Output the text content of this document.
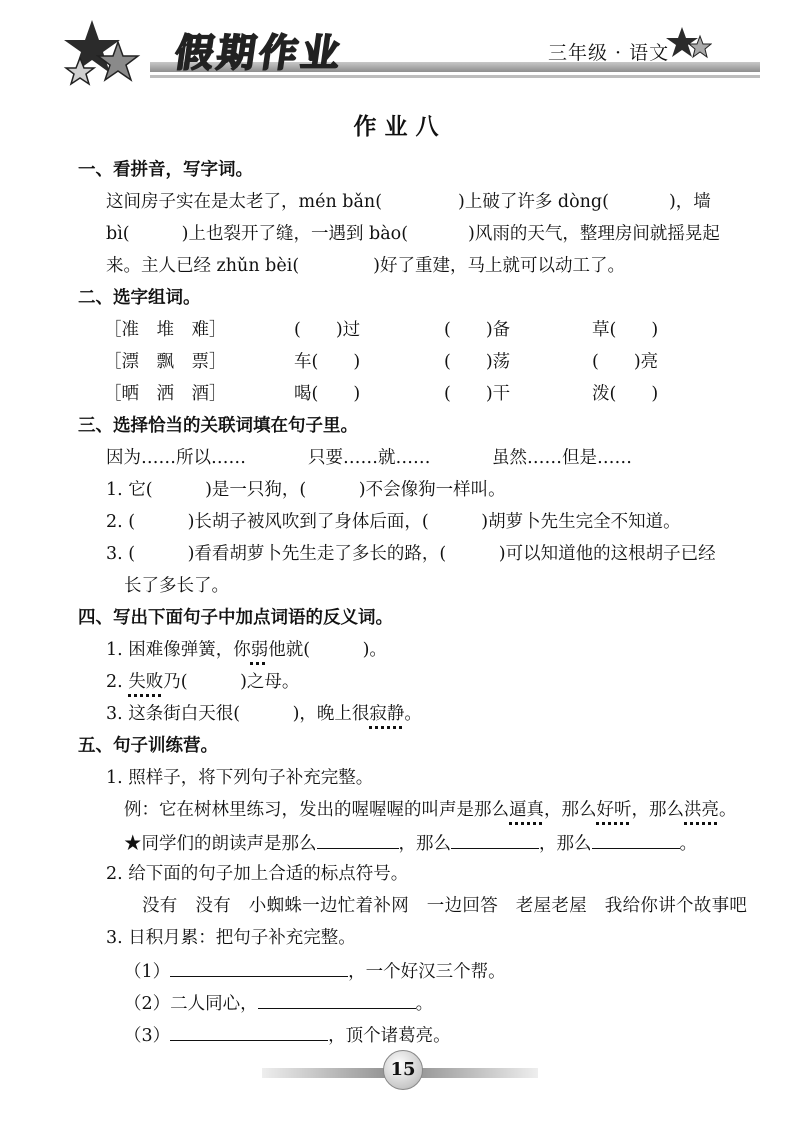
假期作业	三年级 · 语文
作业八
一、看拼音，写字词。
这间房子实在是太老了，mén bǎn(	)上破了许多 dòng(	)，墙
bì(	)上也裂开了缝，一遇到 bào(	)风雨的天气，整理房间就摇晃起
来。主人已经 zhǔn bèi(	)好了重建，马上就可以动工了。
二、选字组词。
［准　堆　难］	(　　)过	(　　)备	草(　　)
［漂　飘　票］	车(　　)	(　　)荡	(　　)亮
［晒　洒　酒］	喝(　　)	(　　)干	泼(　　)
三、选择恰当的关联词填在句子里。
因为……所以……	只要……就……	虽然……但是……
1. 它(　　　)是一只狗，(　　　)不会像狗一样叫。
2. (　　　)长胡子被风吹到了身体后面，(　　　)胡萝卜先生完全不知道。
3. (　　　)看看胡萝卜先生走了多长的路，(　　　)可以知道他的这根胡子已经
长了多长了。
四、写出下面句子中加点词语的反义词。
1. 困难像弹簧，你弱他就(　　　)。
2. 失败乃(　　　)之母。
3. 这条街白天很(　　　)，晚上很寂静。
五、句子训练营。
1. 照样子，将下列句子补充完整。
例：它在树林里练习，发出的喔喔喔的叫声是那么逼真，那么好听，那么洪亮。
★同学们的朗读声是那么	，那么	，那么	。
2. 给下面的句子加上合适的标点符号。
没有　没有　小蜘蛛一边忙着补网　一边回答　老屋老屋　我给你讲个故事吧
3. 日积月累：把句子补充完整。
（1）	，一个好汉三个帮。
（2）二人同心，	。
（3）	，顶个诸葛亮。
15
